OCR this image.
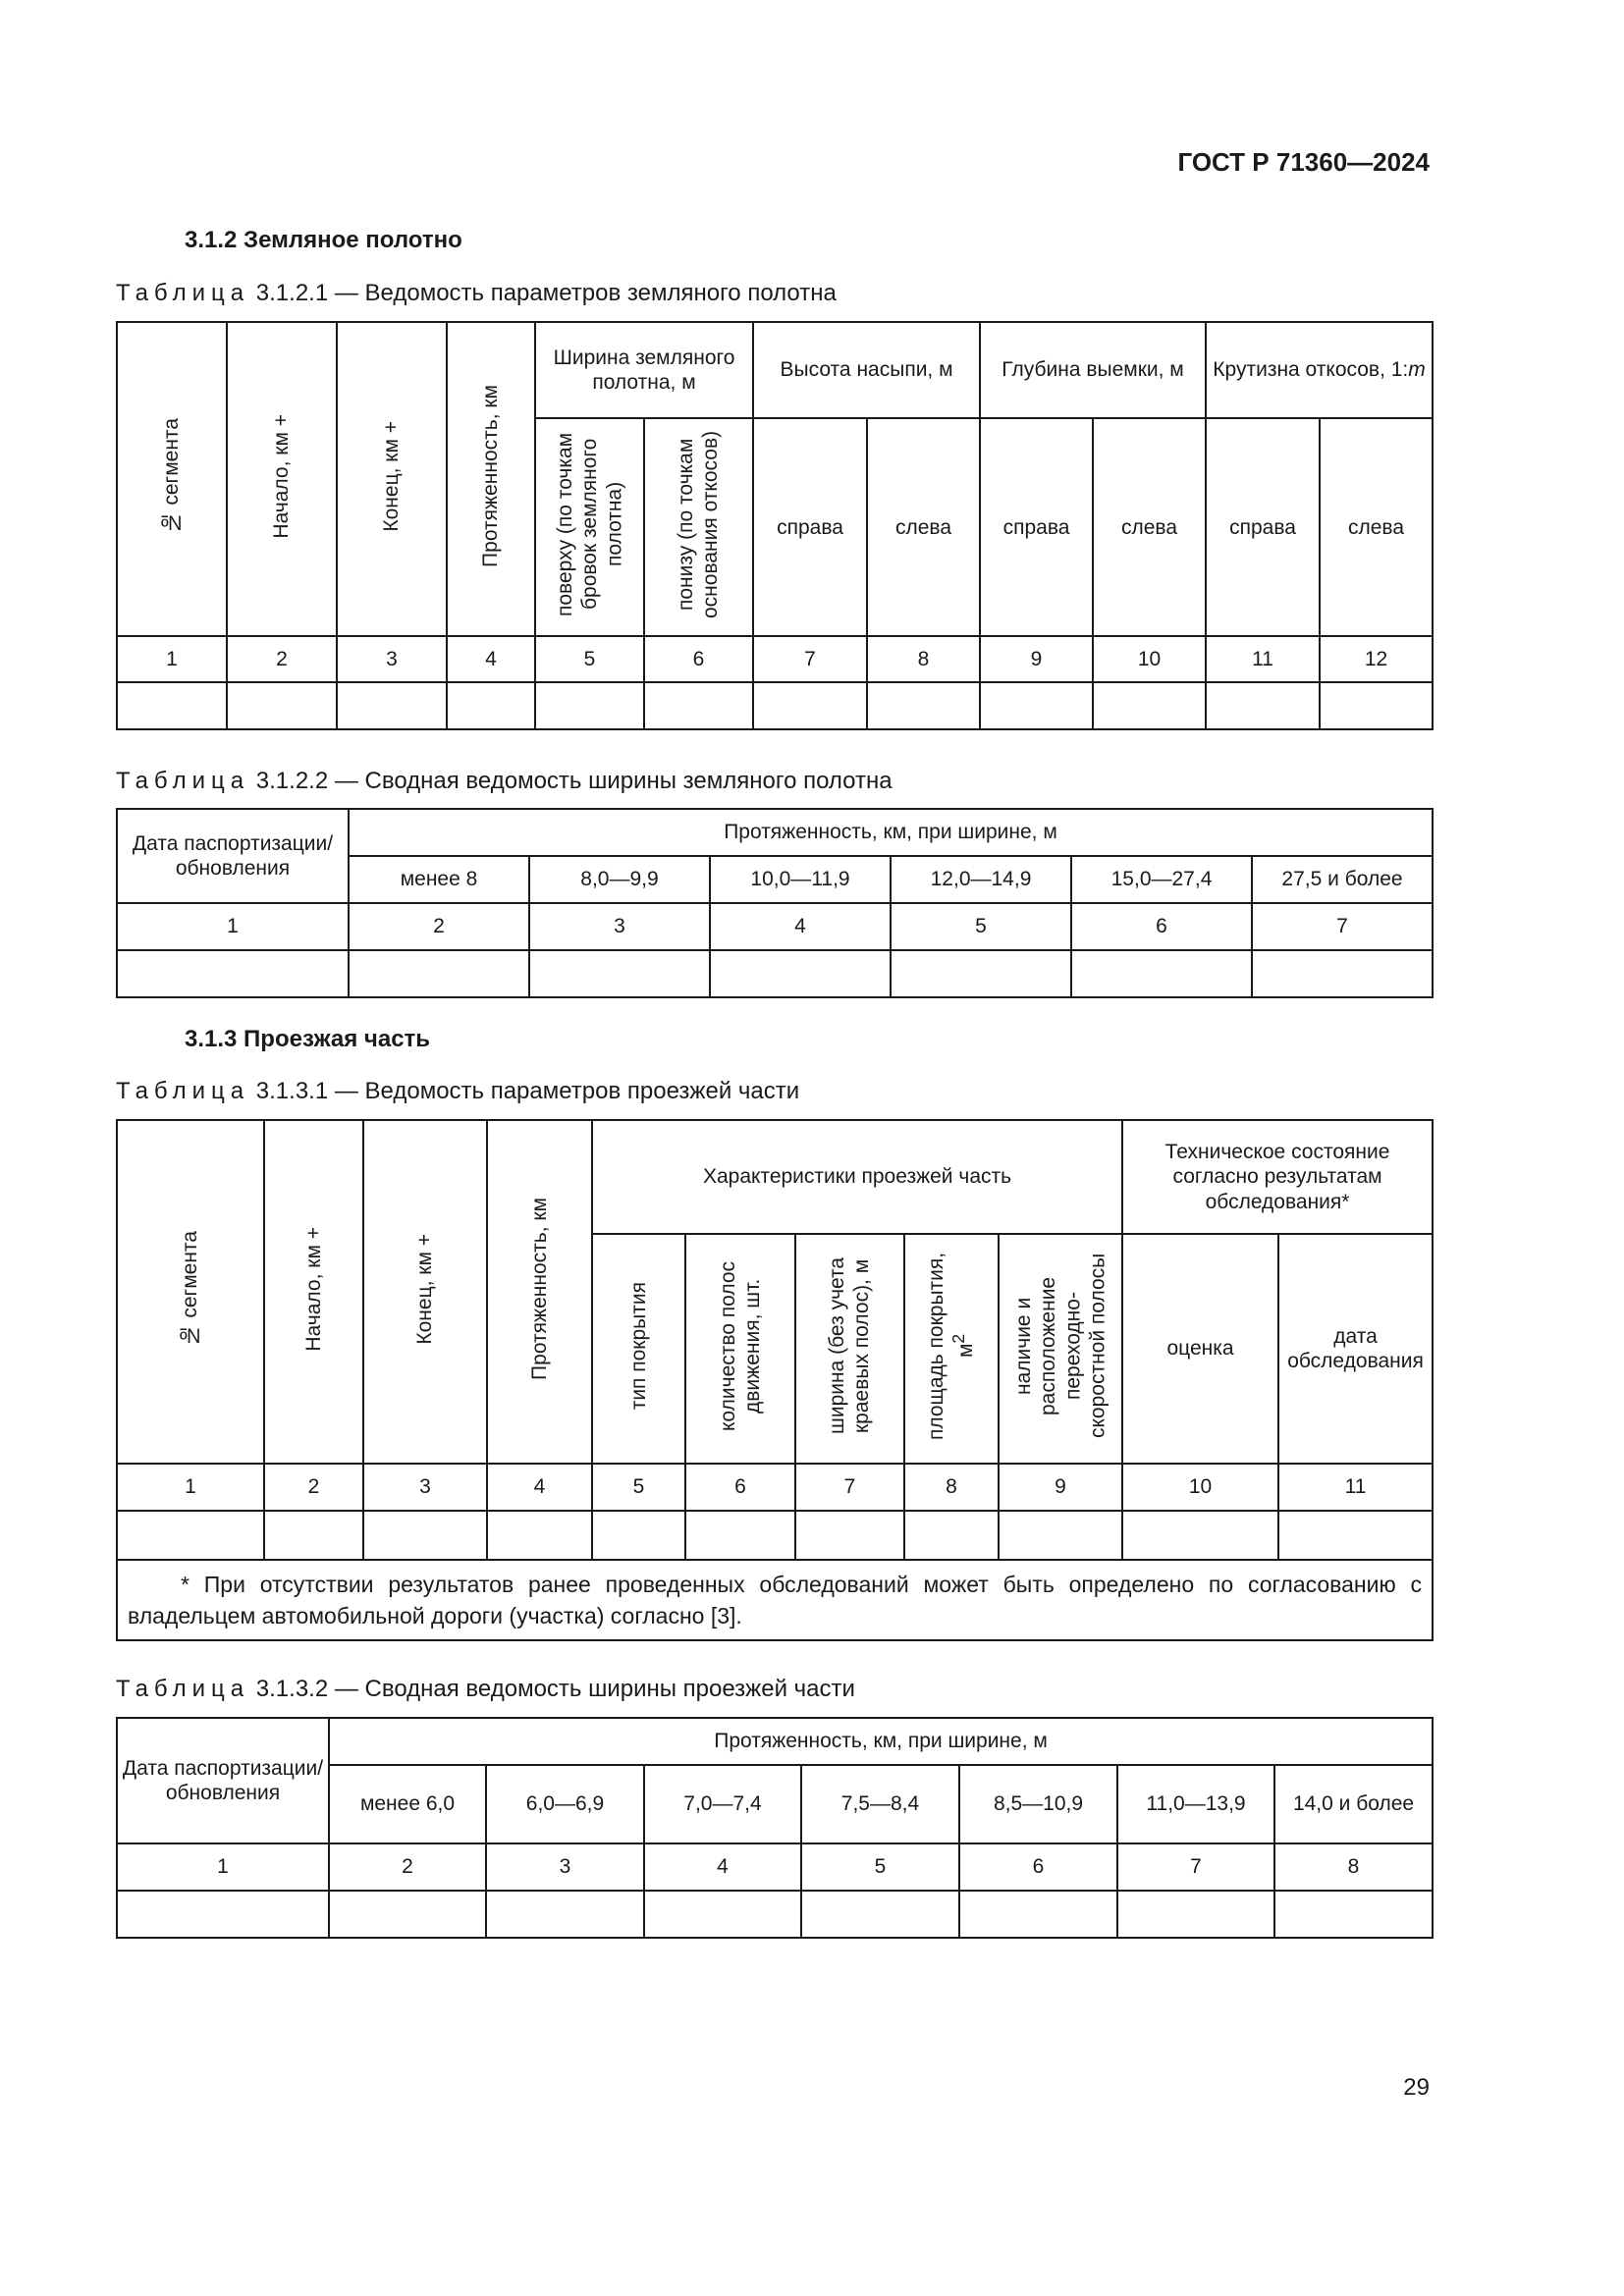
ГОСТ Р 71360—2024
3.1.2 Земляное полотно
Таблица 3.1.2.1 — Ведомость параметров земляного полотна
№ сегмента	Начало, км +	Конец, км +	Протяженность, км	Ширина земляного полотна, м		Высота насыпи, м		Глубина выемки, м		Крутизна откосов, 1:m	
				поверху (по точкам бровок земляного полотна)	понизу (по точкам основания откосов)	справа	слева	справа	слева	справа	слева
1	2	3	4	5	6	7	8	9	10	11	12

Таблица 3.1.2.2 — Сводная ведомость ширины земляного полотна
Дата паспортизации/ обновления	Протяженность, км, при ширине, м					
	менее 8	8,0—9,9	10,0—11,9	12,0—14,9	15,0—27,4	27,5 и более
1	2	3	4	5	6	7

3.1.3 Проезжая часть
Таблица 3.1.3.1 — Ведомость параметров проезжей части
№ сегмента	Начало, км +	Конец, км +	Протяженность, км	Характеристики проезжей часть					Техническое состояние согласно результатам обследования*	
				тип покрытия	количество полос движения, шт.	ширина (без учета краевых полос), м	площадь покрытия, $м^2$	наличие и расположение переходно-скоростной полосы	оценка	дата обследования
1	2	3	4	5	6	7	8	9	10	11

* При отсутствии результатов ранее проведенных обследований может быть определено по согласованию с владельцем автомобильной дороги (участка) согласно [3].										
Таблица 3.1.3.2 — Сводная ведомость ширины проезжей части
Дата паспортизации/ обновления	Протяженность, км, при ширине, м						
	менее 6,0	6,0—6,9	7,0—7,4	7,5—8,4	8,5—10,9	11,0—13,9	14,0 и более
1	2	3	4	5	6	7	8

29
